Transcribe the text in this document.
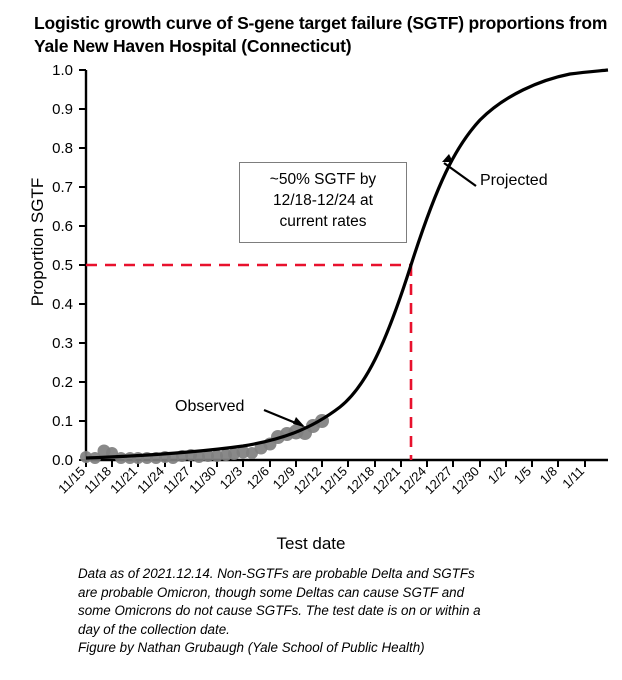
Logistic growth curve of S-gene target failure (SGTF) proportions from Yale New Haven Hospital (Connecticut)
Proportion SGTF
0.0
0.1
0.2
0.3
0.4
0.5
0.6
0.7
0.8
0.9
1.0
11/15
11/18
11/21
11/24
11/27
11/30
12/3
12/6
12/9
12/12
12/15
12/18
12/21
12/24
12/27
12/30 1/2 1/5 1/8 1/11
~50% SGTF by
12/18-12/24 at
current rates
Observed
Projected
Test date
Data as of 2021.12.14. Non-SGTFs are probable Delta and SGTFs
are probable Omicron, though some Deltas can cause SGTF and
some Omicrons do not cause SGTFs. The test date is on or within a
day of the collection date.
Figure by Nathan Grubaugh (Yale School of Public Health)
